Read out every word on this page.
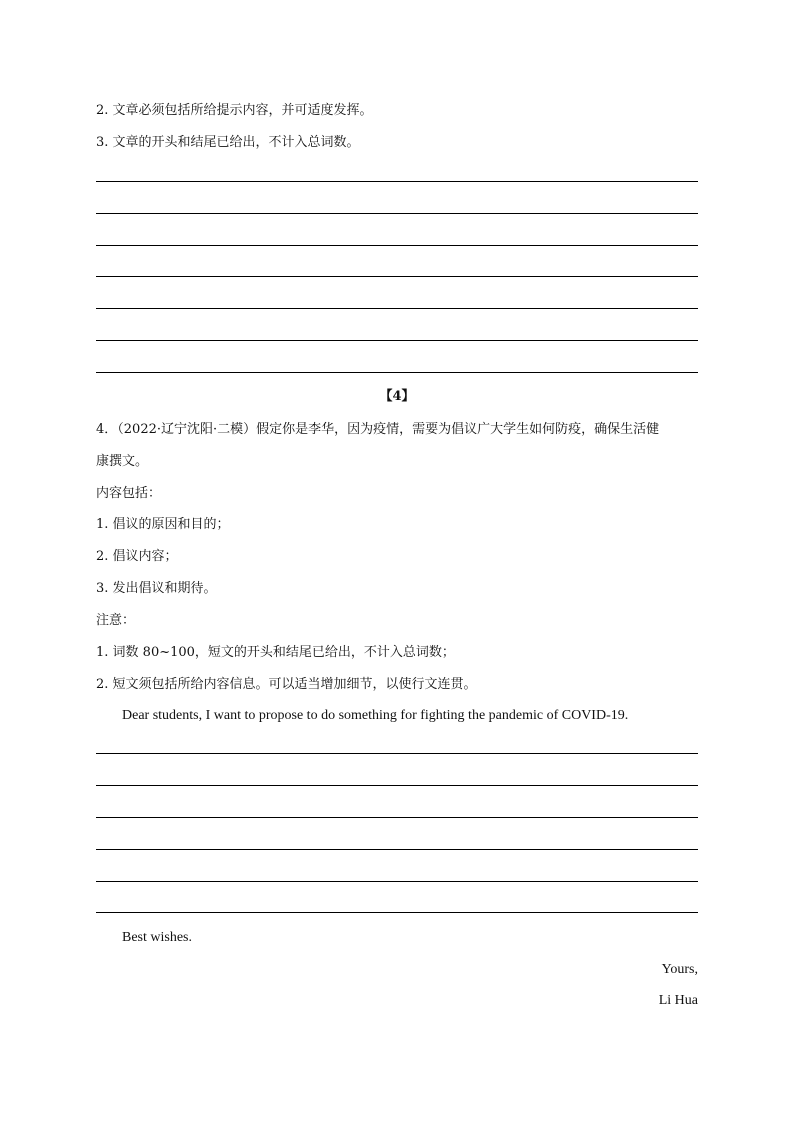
2. 文章必须包括所给提示内容，并可适度发挥。
3. 文章的开头和结尾已给出，不计入总词数。
【4】
4．（2022·辽宁沈阳·二模）假定你是李华，因为疫情，需要为倡议广大学生如何防疫，确保生活健
康撰文。
内容包括：
1. 倡议的原因和目的；
2. 倡议内容；
3. 发出倡议和期待。
注意：
1. 词数 80~100，短文的开头和结尾已给出，不计入总词数；
2. 短文须包括所给内容信息。可以适当增加细节，以使行文连贯。
Dear students, I want to propose to do something for fighting the pandemic of COVID-19.
Best wishes.
Yours,
Li Hua
